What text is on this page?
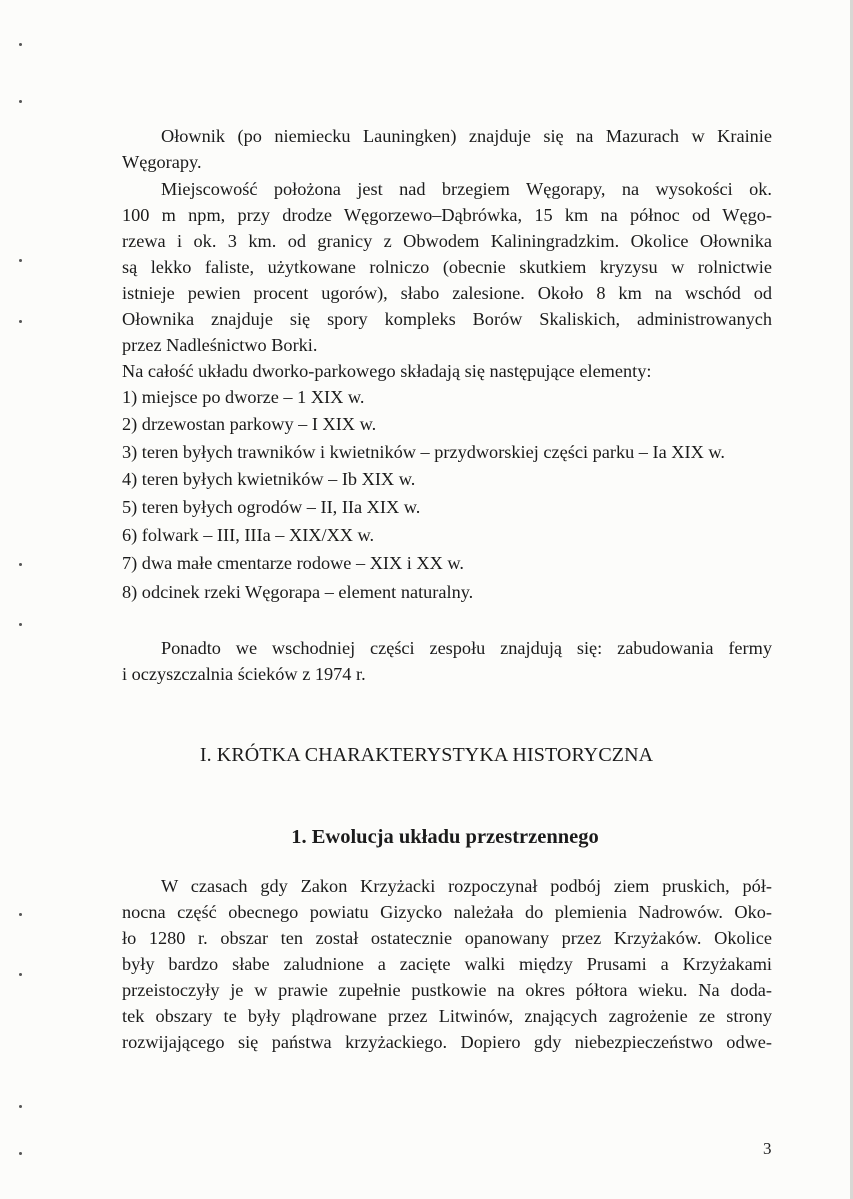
Ołownik (po niemiecku Launingken) znajduje się na Mazurach w Krainie
Węgorapy.
Miejscowość położona jest nad brzegiem Węgorapy, na wysokości ok.
100 m npm, przy drodze Węgorzewo–Dąbrówka, 15 km na północ od Węgo-
rzewa i ok. 3 km. od granicy z Obwodem Kaliningradzkim. Okolice Ołownika
są lekko faliste, użytkowane rolniczo (obecnie skutkiem kryzysu w rolnictwie
istnieje pewien procent ugorów), słabo zalesione. Około 8 km na wschód od
Ołownika znajduje się spory kompleks Borów Skaliskich, administrowanych
przez Nadleśnictwo Borki.
Na całość układu dworko-parkowego składają się następujące elementy:
1) miejsce po dworze – 1 XIX w.
2) drzewostan parkowy – I XIX w.
3) teren byłych trawników i kwietników – przydworskiej części parku – Ia XIX w.
4) teren byłych kwietników – Ib XIX w.
5) teren byłych ogrodów – II, IIa XIX w.
6) folwark – III, IIIa – XIX/XX w.
7) dwa małe cmentarze rodowe – XIX i XX w.
8) odcinek rzeki Węgorapa – element naturalny.
Ponadto we wschodniej części zespołu znajdują się: zabudowania fermy
i oczyszczalnia ścieków z 1974 r.
I. KRÓTKA CHARAKTERYSTYKA HISTORYCZNA
1. Ewolucja układu przestrzennego
W czasach gdy Zakon Krzyżacki rozpoczynał podbój ziem pruskich, pół-
nocna część obecnego powiatu Gizycko należała do plemienia Nadrowów. Oko-
ło 1280 r. obszar ten został ostatecznie opanowany przez Krzyżaków. Okolice
były bardzo słabe zaludnione a zacięte walki między Prusami a Krzyżakami
przeistoczyły je w prawie zupełnie pustkowie na okres półtora wieku. Na doda-
tek obszary te były plądrowane przez Litwinów, znających zagrożenie ze strony
rozwijającego się państwa krzyżackiego. Dopiero gdy niebezpieczeństwo odwe-
3
